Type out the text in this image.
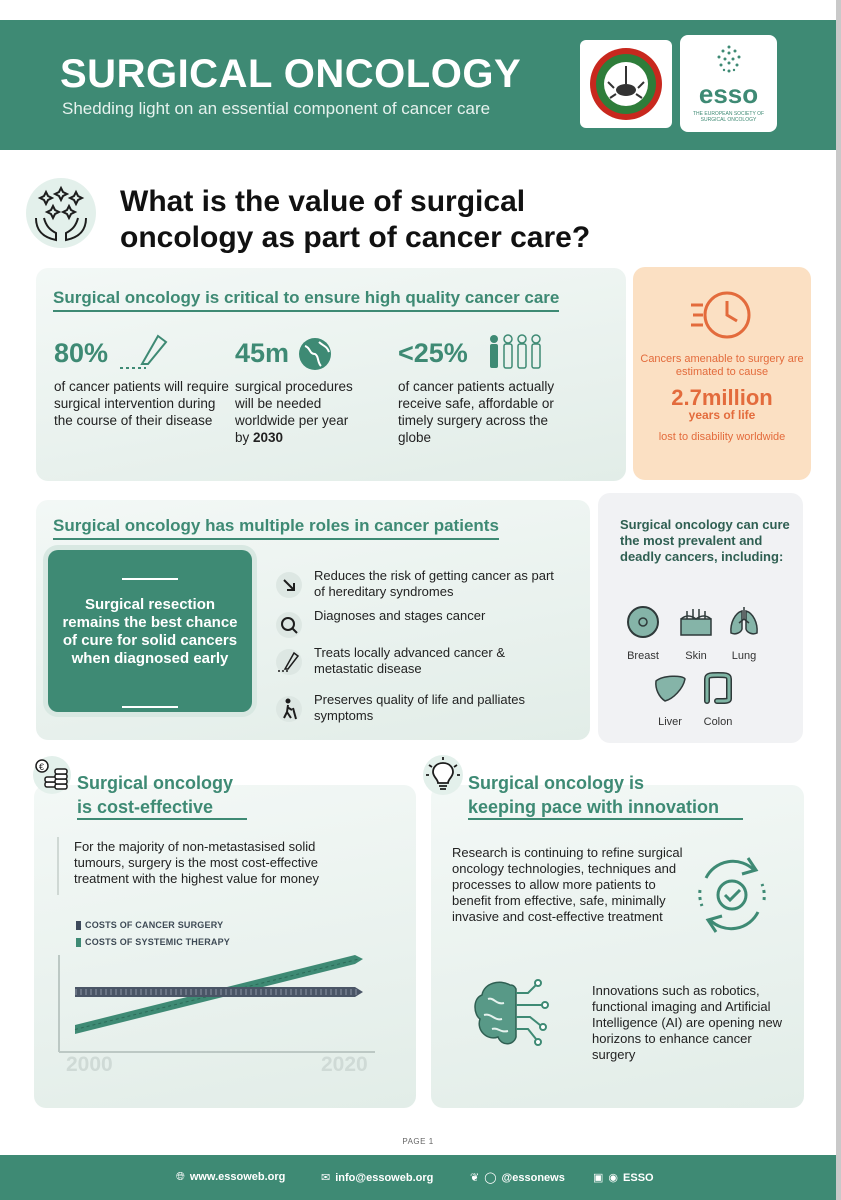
SURGICAL ONCOLOGY
Shedding light on an essential component of cancer care	esso
THE EUROPEAN SOCIETY OF SURGICAL ONCOLOGY
What is the value of surgical oncology as part of cancer care?
Surgical oncology is critical to ensure high quality cancer care
80%
of cancer patients will require surgical intervention during the course of their disease
45m
surgical procedures will be needed worldwide per year by 2030
<25%
of cancer patients actually receive safe, affordable or timely surgery across the globe
Cancers amenable to surgery are estimated to cause
2.7million
years of life
lost to disability worldwide
Surgical oncology has multiple roles in cancer patients
Surgical resection remains the best chance of cure for solid cancers when diagnosed early
Reduces the risk of getting cancer as part of hereditary syndromes
Diagnoses and stages cancer
Treats locally advanced cancer & metastatic disease
Preserves quality of life and palliates symptoms
Surgical oncology can cure the most prevalent and deadly cancers, including:
Breast	Skin	Lung
Liver	Colon
€
Surgical oncology
is cost-effective
For the majority of non-metastasised solid tumours, surgery is the most cost-effective treatment with the highest value for money
COSTS OF CANCER SURGERY
COSTS OF SYSTEMIC THERAPY
2000	2020
Surgical oncology is
keeping pace with innovation
Research is continuing to refine surgical oncology technologies, techniques and processes to allow more patients to benefit from effective, safe, minimally invasive and cost-effective treatment
Innovations such as robotics, functional imaging and Artificial Intelligence (AI) are opening new horizons to enhance cancer surgery
PAGE 1
🌐︎ www.essoweb.org	✉ info@essoweb.org	❦ ◯ @essonews	▣ ◉ ESSO
